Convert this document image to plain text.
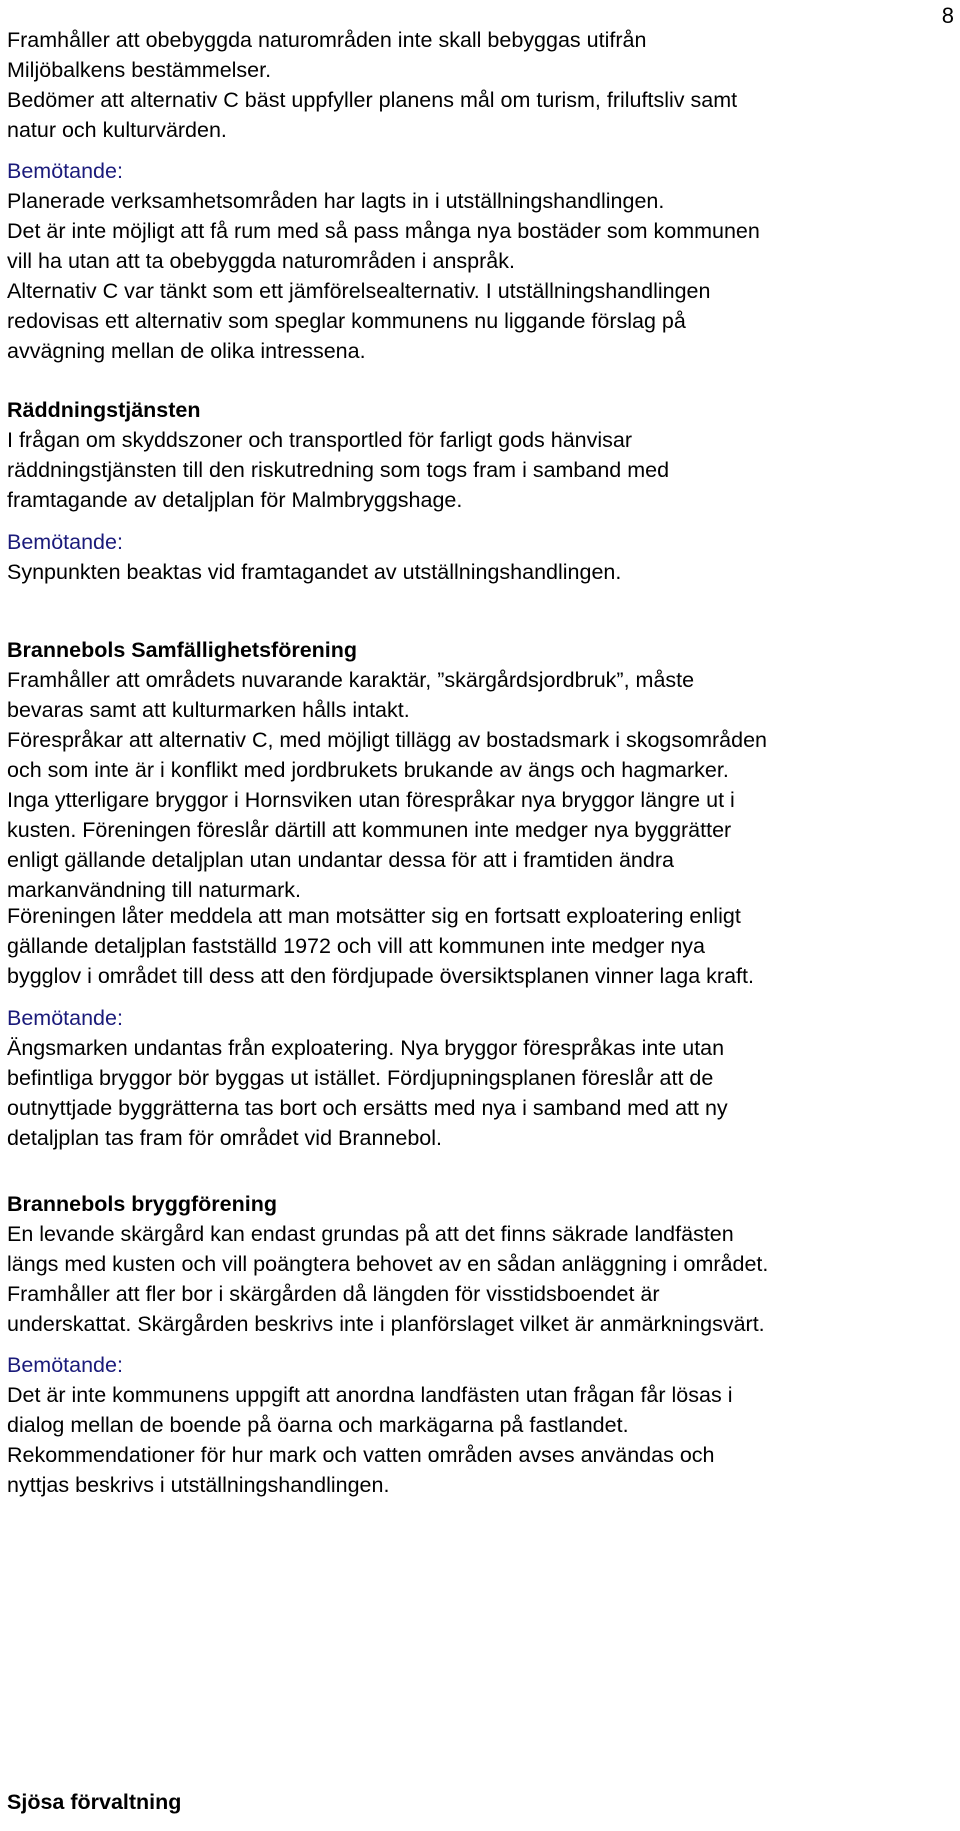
8
Framhåller att obebyggda naturområden inte skall bebyggas utifrån
Miljöbalkens bestämmelser.
Bedömer att alternativ C bäst uppfyller planens mål om turism, friluftsliv samt
natur och kulturvärden.
Bemötande:
Planerade verksamhetsområden har lagts in i utställningshandlingen.
Det är inte möjligt att få rum med så pass många nya bostäder som kommunen
vill ha utan att ta obebyggda naturområden i anspråk.
Alternativ C var tänkt som ett jämförelsealternativ. I utställningshandlingen
redovisas ett alternativ som speglar kommunens nu liggande förslag på
avvägning mellan de olika intressena.
Räddningstjänsten
I frågan om skyddszoner och transportled för farligt gods hänvisar
räddningstjänsten till den riskutredning som togs fram i samband med
framtagande av detaljplan för Malmbryggshage.
Bemötande:
Synpunkten beaktas vid framtagandet av utställningshandlingen.
Brannebols Samfällighetsförening
Framhåller att områdets nuvarande karaktär, ”skärgårdsjordbruk”, måste
bevaras samt att kulturmarken hålls intakt.
Förespråkar att alternativ C, med möjligt tillägg av bostadsmark i skogsområden
och som inte är i konflikt med jordbrukets brukande av ängs och hagmarker.
Inga ytterligare bryggor i Hornsviken utan förespråkar nya bryggor längre ut i
kusten. Föreningen föreslår därtill att kommunen inte medger nya byggrätter
enligt gällande detaljplan utan undantar dessa för att i framtiden ändra
markanvändning till naturmark.
Föreningen låter meddela att man motsätter sig en fortsatt exploatering enligt
gällande detaljplan fastställd 1972 och vill att kommunen inte medger nya
bygglov i området till dess att den fördjupade översiktsplanen vinner laga kraft.
Bemötande:
Ängsmarken undantas från exploatering. Nya bryggor förespråkas inte utan
befintliga bryggor bör byggas ut istället. Fördjupningsplanen föreslår att de
outnyttjade byggrätterna tas bort och ersätts med nya i samband med att ny
detaljplan tas fram för området vid Brannebol.
Brannebols bryggförening
En levande skärgård kan endast grundas på att det finns säkrade landfästen
längs med kusten och vill poängtera behovet av en sådan anläggning i området.
Framhåller att fler bor i skärgården då längden för visstidsboendet är
underskattat. Skärgården beskrivs inte i planförslaget vilket är anmärkningsvärt.
Bemötande:
Det är inte kommunens uppgift att anordna landfästen utan frågan får lösas i
dialog mellan de boende på öarna och markägarna på fastlandet.
Rekommendationer för hur mark och vatten områden avses användas och
nyttjas beskrivs i utställningshandlingen.
Sjösa förvaltning
